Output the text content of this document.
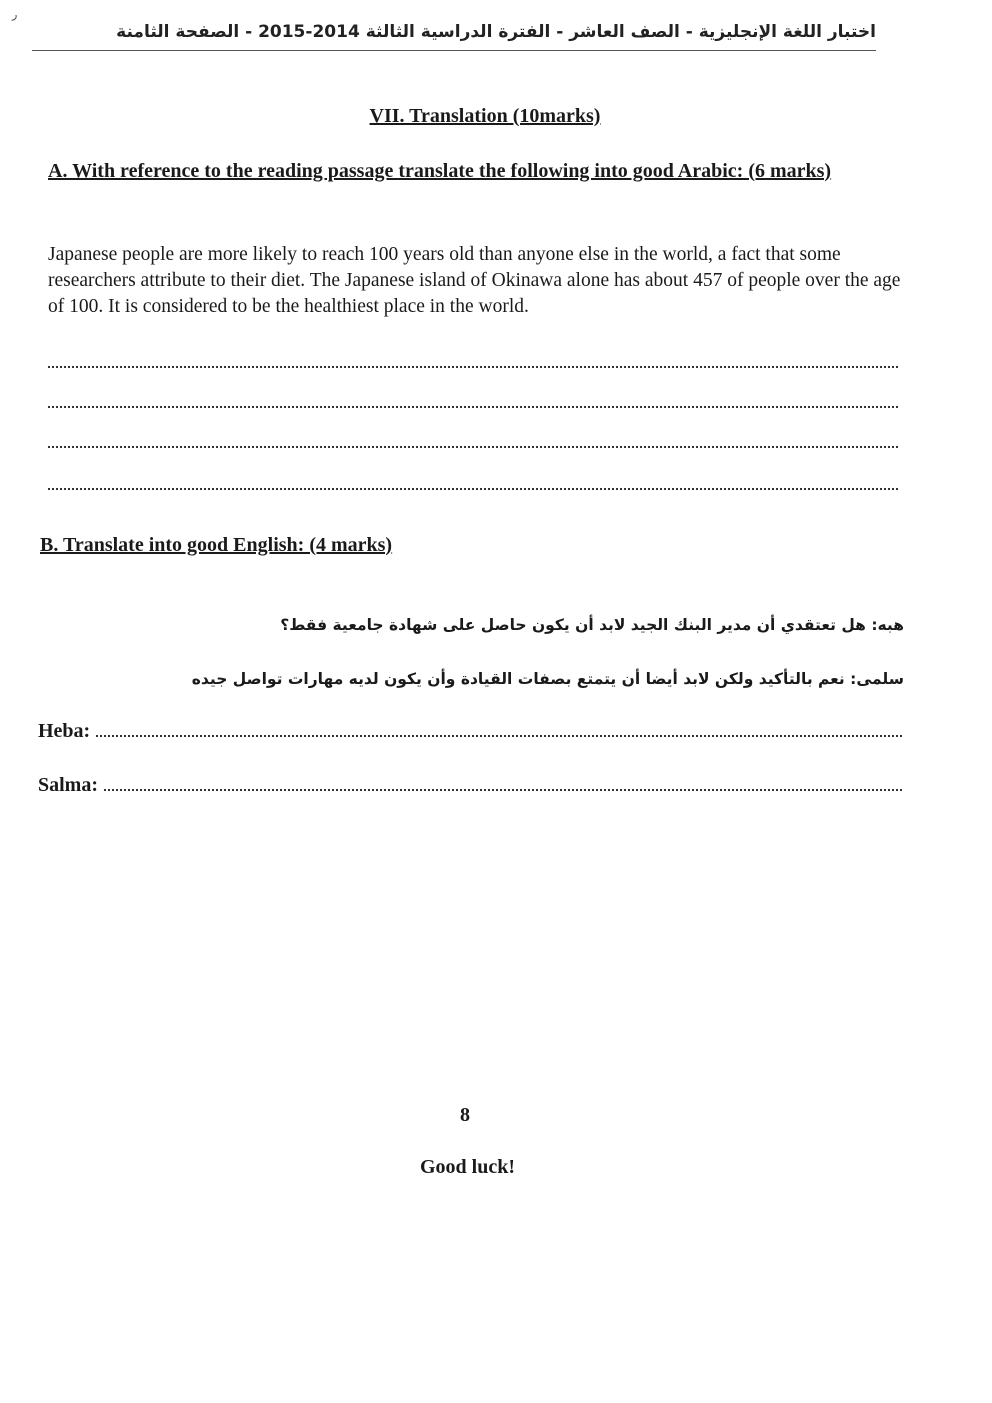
ﺭ
اختبار اللغة الإنجليزية - الصف العاشر - الفترة الدراسية الثالثة 2014-2015 - الصفحة الثامنة
VII. Translation (10marks)
A. With reference to the reading passage translate the following into good Arabic: (6 marks)
Japanese people are more likely to reach 100 years old than anyone else in the world, a fact that some researchers attribute to their diet. The Japanese island of Okinawa alone has about 457 of people over the age of 100. It is considered to be the healthiest place in the world.
B. Translate into good English: (4 marks)
هبه: هل تعتقدي أن مدير البنك الجيد لابد أن يكون حاصل على شهادة جامعية فقط؟
سلمى: نعم بالتأكيد ولكن لابد أيضا أن يتمتع بصفات القيادة وأن يكون لديه مهارات تواصل جيده
Heba:
Salma:
8
Good luck!
